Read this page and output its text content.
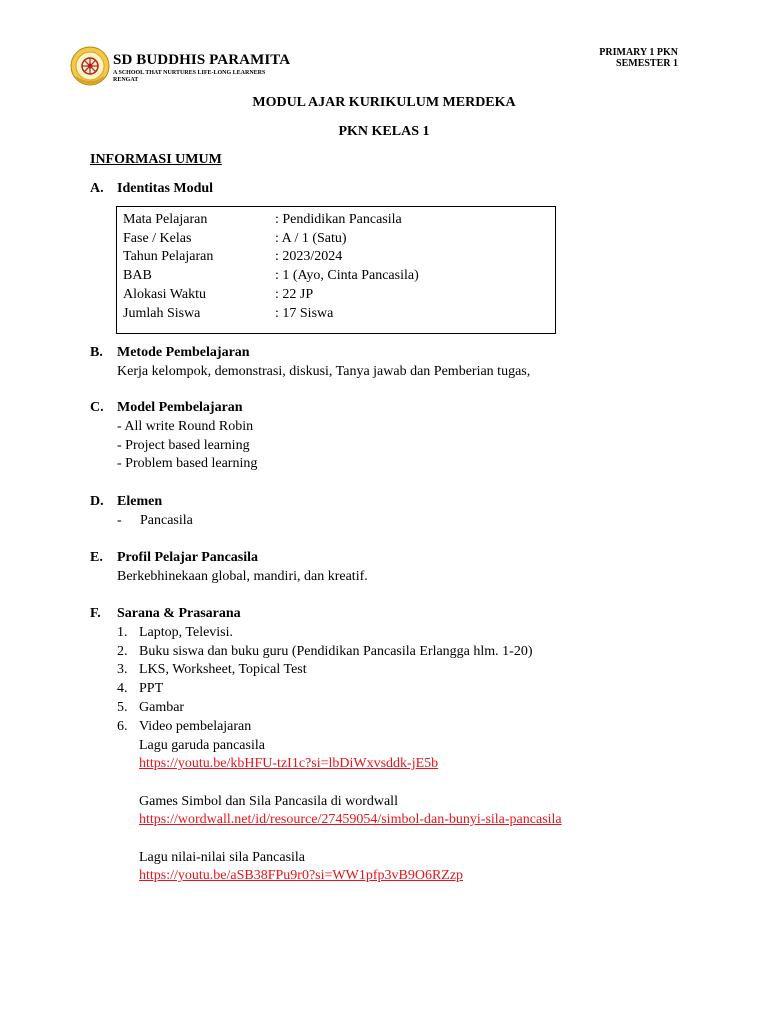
SD BUDDHIS PARAMITA
A SCHOOL THAT NURTURES LIFE-LONG LEARNERS
RENGAT
PRIMARY 1 PKN
SEMESTER 1
MODUL AJAR KURIKULUM MERDEKA
PKN KELAS 1
INFORMASI UMUM
A. Identitas Modul
Mata Pelajaran	: Pendidikan Pancasila
Fase / Kelas	: A / 1 (Satu)
Tahun Pelajaran	: 2023/2024
BAB	: 1 (Ayo, Cinta Pancasila)
Alokasi Waktu	: 22 JP
Jumlah Siswa	: 17 Siswa
B. Metode Pembelajaran
Kerja kelompok, demonstrasi, diskusi, Tanya jawab dan Pemberian tugas,
C. Model Pembelajaran
- All write Round Robin
- Project based learning
- Problem based learning
D. Elemen
- Pancasila
E. Profil Pelajar Pancasila
Berkebhinekaan global, mandiri, dan kreatif.
F. Sarana & Prasarana
1. Laptop, Televisi.
2. Buku siswa dan buku guru (Pendidikan Pancasila Erlangga hlm. 1-20)
3. LKS, Worksheet, Topical Test
4. PPT
5. Gambar
6. Video pembelajaran
Lagu garuda pancasila
https://youtu.be/kbHFU-tzI1c?si=lbDiWxvsddk-jE5b
Games Simbol dan Sila Pancasila di wordwall
https://wordwall.net/id/resource/27459054/simbol-dan-bunyi-sila-pancasila
Lagu nilai-nilai sila Pancasila
https://youtu.be/aSB38FPu9r0?si=WW1pfp3vB9O6RZzp
